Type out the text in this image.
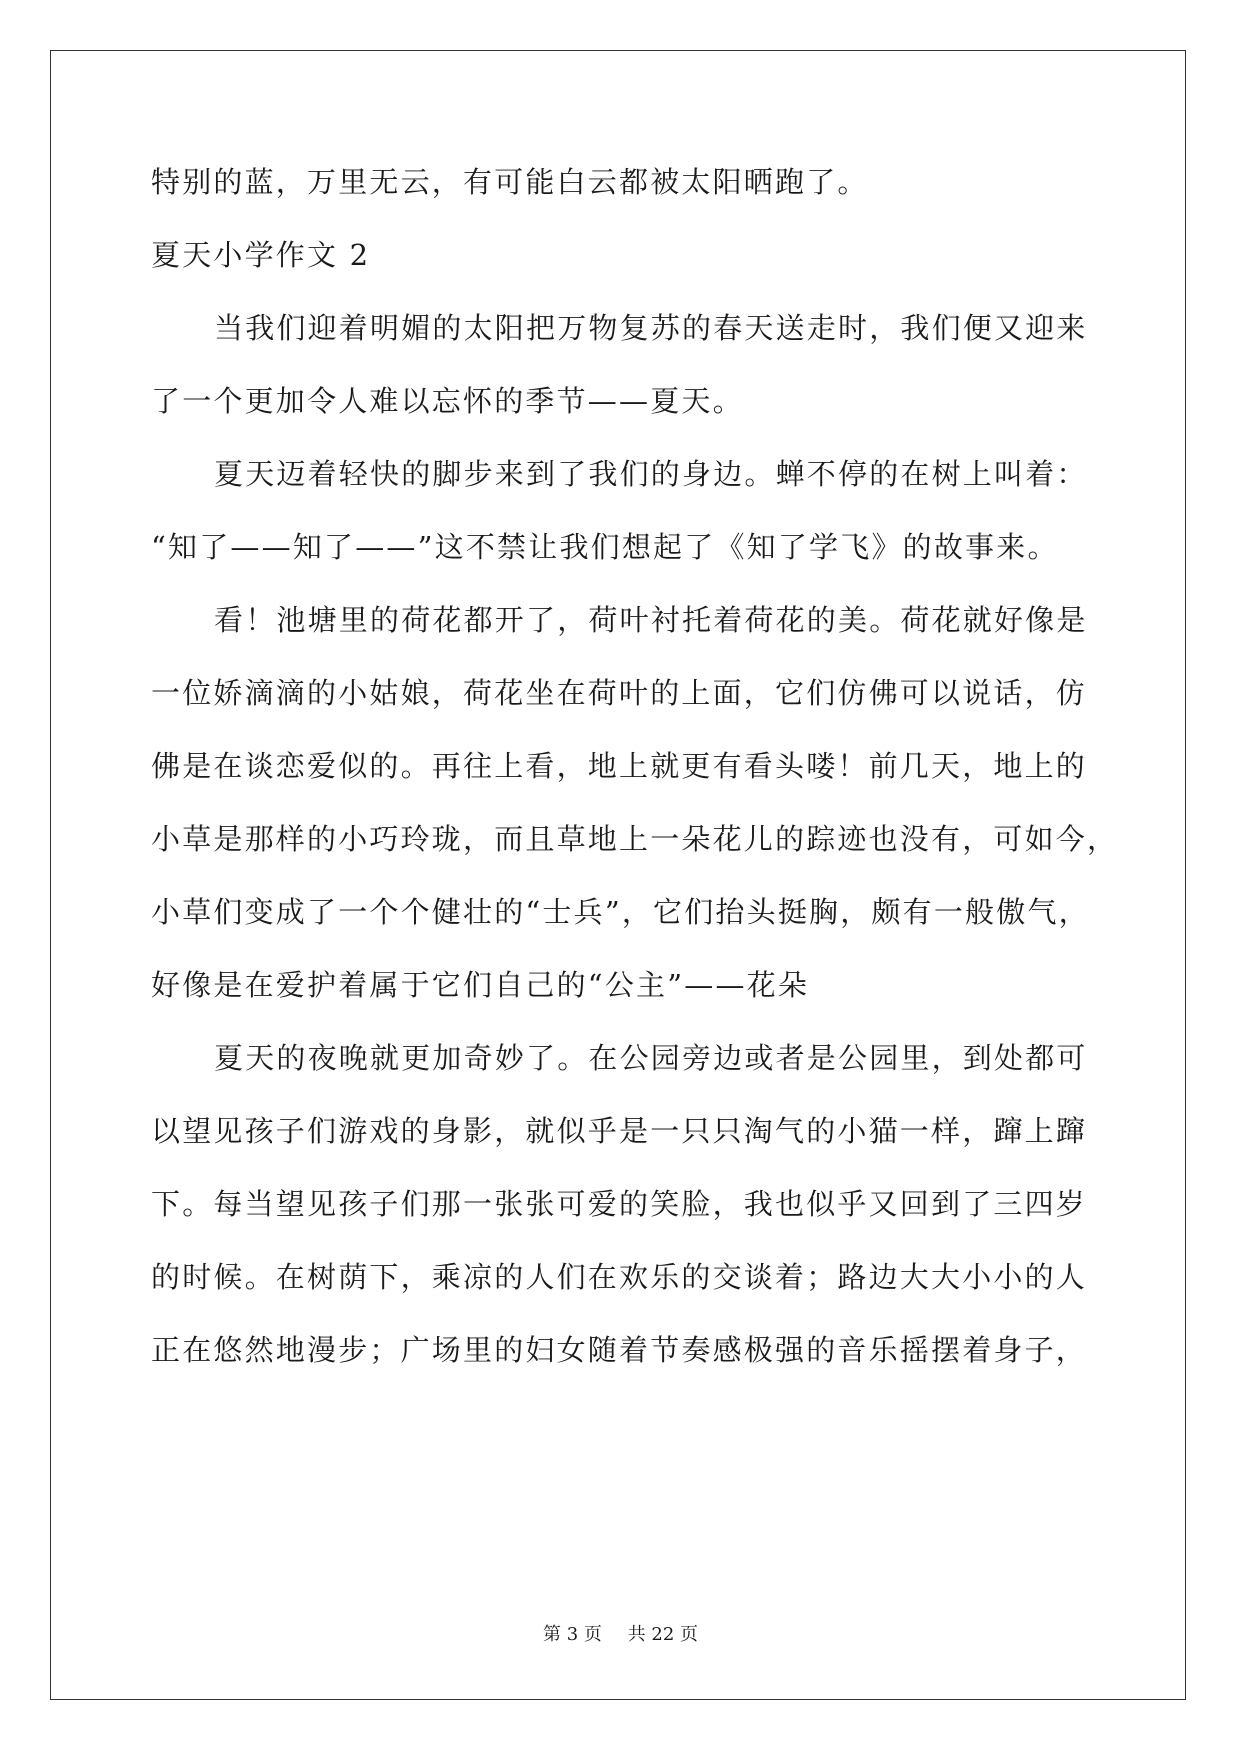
特别的蓝，万里无云，有可能白云都被太阳晒跑了。
夏天小学作文 2
当我们迎着明媚的太阳把万物复苏的春天送走时，我们便又迎来
了一个更加令人难以忘怀的季节——夏天。
夏天迈着轻快的脚步来到了我们的身边。蝉不停的在树上叫着：
“知了——知了——”这不禁让我们想起了《知了学飞》的故事来。
看！池塘里的荷花都开了，荷叶衬托着荷花的美。荷花就好像是
一位娇滴滴的小姑娘，荷花坐在荷叶的上面，它们仿佛可以说话，仿
佛是在谈恋爱似的。再往上看，地上就更有看头喽！前几天，地上的
小草是那样的小巧玲珑，而且草地上一朵花儿的踪迹也没有，可如今，
小草们变成了一个个健壮的“士兵”，它们抬头挺胸，颇有一般傲气，
好像是在爱护着属于它们自己的“公主”——花朵
夏天的夜晚就更加奇妙了。在公园旁边或者是公园里，到处都可
以望见孩子们游戏的身影，就似乎是一只只淘气的小猫一样，蹿上蹿
下。每当望见孩子们那一张张可爱的笑脸，我也似乎又回到了三四岁
的时候。在树荫下，乘凉的人们在欢乐的交谈着；路边大大小小的人
正在悠然地漫步；广场里的妇女随着节奏感极强的音乐摇摆着身子，
第 3 页 共 22 页
